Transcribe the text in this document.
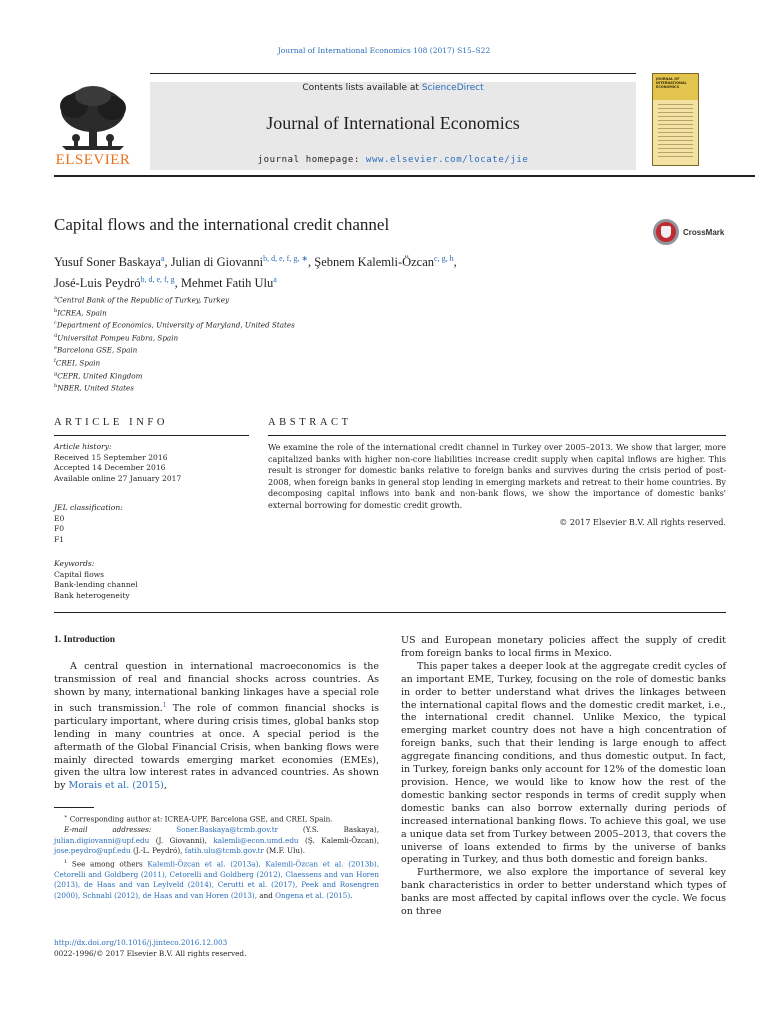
Journal of International Economics 108 (2017) S15–S22
ELSEVIER
Contents lists available at ScienceDirect
Journal of International Economics
journal homepage: www.elsevier.com/locate/jie
JOURNAL OF INTERNATIONAL ECONOMICS
Capital flows and the international credit channel	CrossMark
Yusuf Soner Baskaya$^a$, Julian di Giovanni$^{b, d, e, f, g, ∗}$, Şebnem Kalemli-Özcan$^{c, g, h}$,
José-Luis Peydró$^{b, d, e, f, g}$, Mehmet Fatih Ulu$^a$
$^a$Central Bank of the Republic of Turkey, Turkey
$^b$ICREA, Spain
$^c$Department of Economics, University of Maryland, United States
$^d$Universitat Pompeu Fabra, Spain
$^e$Barcelona GSE, Spain
$^f$CREI, Spain
$^g$CEPR, United Kingdom
$^h$NBER, United States
ARTICLE INFO	ABSTRACT
Article history:
Received 15 September 2016
Accepted 14 December 2016
Available online 27 January 2017
JEL classification:
E0
F0
F1
Keywords:
Capital flows
Bank-lending channel
Bank heterogeneity
We examine the role of the international credit channel in Turkey over 2005–2013. We show that larger, more capitalized banks with higher non-core liabilities increase credit supply when capital inflows are higher. This result is stronger for domestic banks relative to foreign banks and survives during the crisis period of post-2008, when foreign banks in general stop lending in emerging markets and retreat to their home countries. By decomposing capital inflows into bank and non-bank flows, we show the importance of domestic banks' external borrowing for domestic credit growth.
© 2017 Elsevier B.V. All rights reserved.
1. Introduction

A central question in international macroeconomics is the transmission of real and financial shocks across countries. As shown by many, international banking linkages have a special role in such transmission.$^1$ The role of common financial shocks is particulary important, where during crisis times, global banks stop lending in many countries at once. A special period is the aftermath of the Global Financial Crisis, when banking flows were mainly directed towards emerging market economies (EMEs), given the ultra low interest rates in advanced countries. As shown by Morais et al. (2015),

∗ Corresponding author at: ICREA-UPF, Barcelona GSE, and CREI, Spain.
E-mail addresses:	Soner.Baskaya@tcmb.gov.tr (Y.S. Baskaya), julian.digiovanni@upf.edu (J. Giovanni), kalemli@econ.umd.edu (Ş. Kalemli-Özcan), jose.peydro@upf.edu (J.-L. Peydró), fatih.ulu@tcmb.gov.tr (M.F. Ulu).
$^1$ See among others Kalemli-Özcan et al. (2013a), Kalemli-Özcan et al. (2013b), Cetorelli and Goldberg (2011), Cetorelli and Goldberg (2012), Claessens and van Horen (2013), de Haas and van Leylveld (2014), Cerutti et al. (2017), Peek and Rosengren (2000), Schnabl (2012), de Haas and van Horen (2013), and Ongena et al. (2015).

US and European monetary policies affect the supply of credit from foreign banks to local firms in Mexico.

This paper takes a deeper look at the aggregate credit cycles of an important EME, Turkey, focusing on the role of domestic banks in order to better understand what drives the linkages between the international capital flows and the domestic credit market, i.e., the international credit channel. Unlike Mexico, the typical emerging market country does not have a high concentration of foreign banks, such that their lending is large enough to affect aggregate financing conditions, and thus domestic output. In fact, in Turkey, foreign banks only account for 12% of the domestic loan provision. Hence, we would like to know how the rest of the domestic banking sector responds in terms of credit supply when domestic banks can also borrow externally during periods of increased international banking flows. To achieve this goal, we use a unique data set from Turkey between 2005–2013, that covers the universe of loans extended to firms by the universe of banks operating in Turkey, and thus both domestic and foreign banks.

Furthermore, we also explore the importance of several key bank characteristics in order to better understand which types of banks are most affected by capital inflows over the cycle. We focus on three

http://dx.doi.org/10.1016/j.jinteco.2016.12.003
0022-1996/© 2017 Elsevier B.V. All rights reserved.
